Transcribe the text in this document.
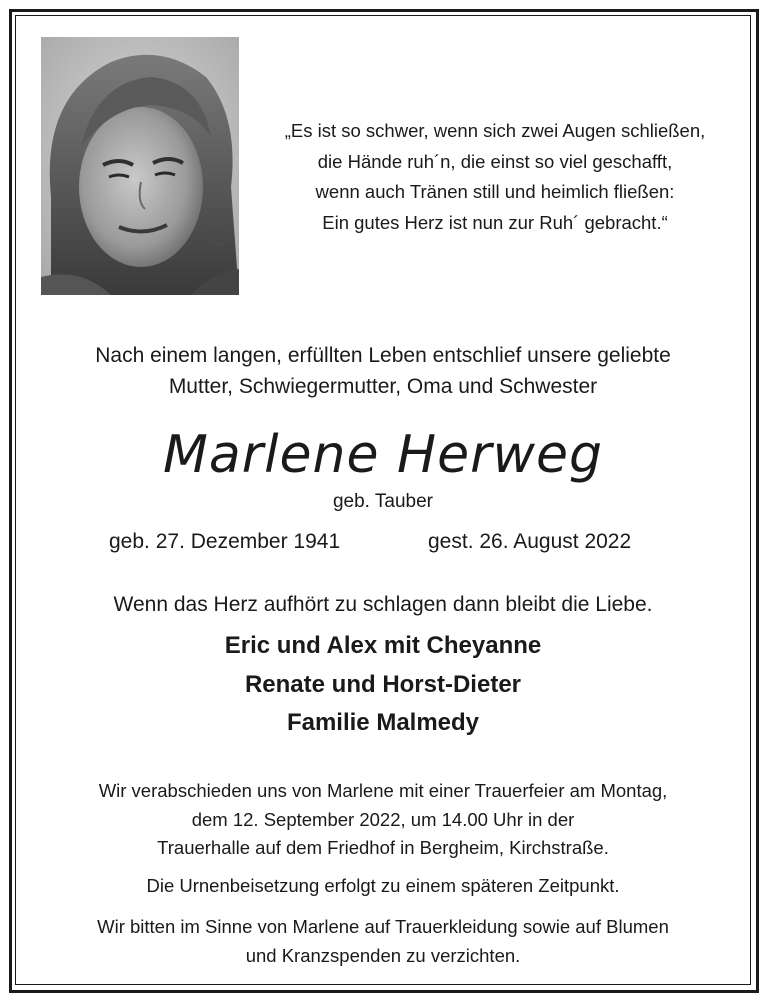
„Es ist so schwer, wenn sich zwei Augen schließen,
die Hände ruh´n, die einst so viel geschafft,
wenn auch Tränen still und heimlich fließen:
Ein gutes Herz ist nun zur Ruh´ gebracht.“
Nach einem langen, erfüllten Leben entschlief unsere geliebte
Mutter, Schwiegermutter, Oma und Schwester
Marlene Herweg
geb. Tauber
geb. 27. Dezember 1941	gest. 26. August 2022
Wenn das Herz aufhört zu schlagen dann bleibt die Liebe.
Eric und Alex mit Cheyanne
Renate und Horst-Dieter
Familie Malmedy
Wir verabschieden uns von Marlene mit einer Trauerfeier am Montag,
dem 12. September 2022, um 14.00 Uhr in der
Trauerhalle auf dem Friedhof in Bergheim, Kirchstraße.
Die Urnenbeisetzung erfolgt zu einem späteren Zeitpunkt.
Wir bitten im Sinne von Marlene auf Trauerkleidung sowie auf Blumen
und Kranzspenden zu verzichten.
